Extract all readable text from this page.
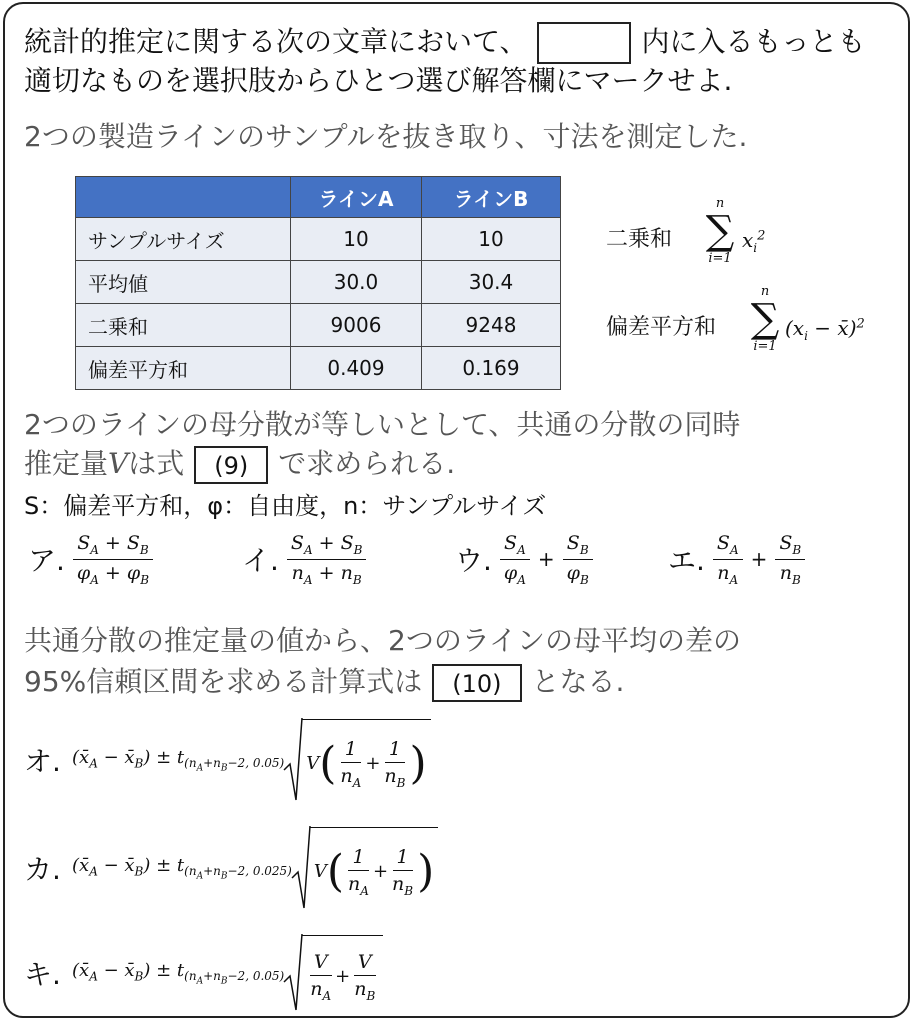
統計的推定に関する次の文章において、	内に入るもっとも
適切なものを選択肢からひとつ選び解答欄にマークせよ.
2つの製造ラインのサンプルを抜き取り、寸法を測定した.
	ラインA	ラインB
サンプルサイズ	10	10
平均値	30.0	30.4
二乗和	9006	9248
偏差平方和	0.409	0.169
二乗和
n
∑
i=1
$x_i^2$
偏差平方和
n
∑
i=1
($x_i$ − x̄)$^2$
2つのラインの母分散が等しいとして、共通の分散の同時
推定量Vは式 (9) で求められる.
S：偏差平方和，φ：自由度，n：サンプルサイズ
ア. $\frac{S_A + S_B}{\varphi_A + \varphi_B}$	イ. $\frac{S_A + S_B}{n_A + n_B}$	ウ. $\frac{S_A}{\varphi_A} + \frac{S_B}{\varphi_B}$	エ. $\frac{S_A}{n_A} + \frac{S_B}{n_B}$
共通分散の推定量の値から、2つのラインの母平均の差の
95%信頼区間を求める計算式は (10) となる.
オ. ($x̄_A$ − $x̄_B) \pm t_{(n_A+n_B-2, 0.05)}$ V ( $\frac{1}{n_A} + \frac{1}{n_B}$ )
カ. ($x̄_A$ − $x̄_B) \pm t_{(n_A+n_B-2, 0.025)}$ V ( $\frac{1}{n_A} + \frac{1}{n_B}$ )
キ. ($x̄_A$ − $x̄_B) \pm t_{(n_A+n_B-2, 0.05)} \frac{V}{n_A} + \frac{V}{n_B}$
